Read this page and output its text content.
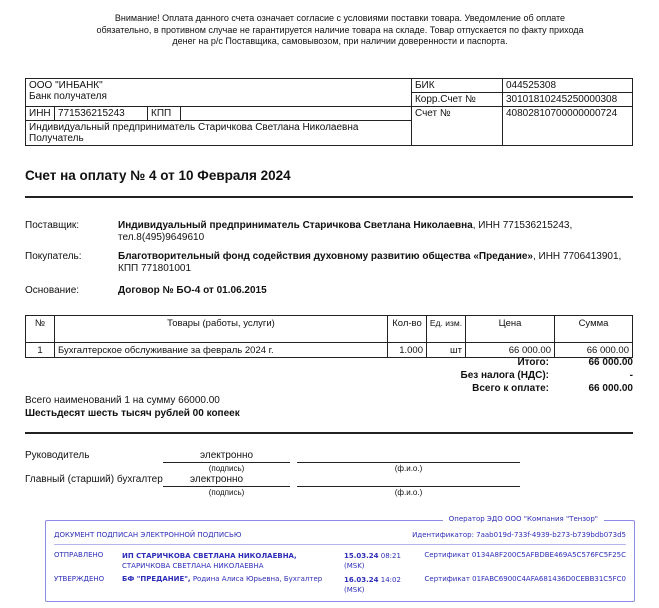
Внимание! Оплата данного счета означает согласие с условиями поставки товара. Уведомление об оплате
обязательно, в противном случае не гарантируется наличие товара на складе. Товар отпускается по факту прихода
денег на р/с Поставщика, самовывозом, при наличии доверенности и паспорта.
ООО "ИНБАНК"
Банк получателя				БИК	044525308
				Корр.Счет №	30101810245250000308
ИНН	771536215243	КПП		Счет №	40802810700000000724

Индивидуальный предприниматель Старичкова Светлана Николаевна
Получатель					
Счет на оплату № 4 от 10 Февраля 2024
Поставщик:	Индивидуальный предприниматель Старичкова Светлана Николаевна, ИНН 771536215243,
тел.8(495)9649610
Покупатель:	Благотворительный фонд содействия духовному развитию общества «Предание», ИНН 7706413901,
КПП 771801001
Основание:	Договор № БО-4 от 01.06.2015
№	Товары (работы, услуги)	Кол-во	Ед. изм.	Цена	Сумма
1	Бухгалтерское обслуживание за февраль 2024 г.	1.000	шт	66 000.00	66 000.00
Итого:	66 000.00
Без налога (НДС):	-
Всего к оплате:	66 000.00
Всего наименований 1 на сумму 66000.00
Шестьдесят шесть тысяч рублей 00 копеек
Руководитель	электронно
(подпись)	(ф.и.о.)
Главный (старший) бухгалтер	электронно
(подпись)	(ф.и.о.)
Оператор ЭДО ООО "Компания "Тензор"
ДОКУМЕНТ ПОДПИСАН ЭЛЕКТРОННОЙ ПОДПИСЬЮ	Идентификатор: 7aab019d-733f-4939-b273-b739bdb073d5
ОТПРАВЛЕНО	ИП СТАРИЧКОВА СВЕТЛАНА НИКОЛАЕВНА, СТАРИЧКОВА СВЕТЛАНА НИКОЛАЕВНА
15.03.24 08:21
(MSK)
Сертификат 0134A8F200C5AFBDBE469A5C576FC5F25C
УТВЕРЖДЕНО	БФ "ПРЕДАНИЕ", Родина Алиса Юрьевна, Бухгалтер	16.03.24 14:02
(MSK)
Сертификат 01FABC6900C4AFA681436D0CEBB31C5FC0
